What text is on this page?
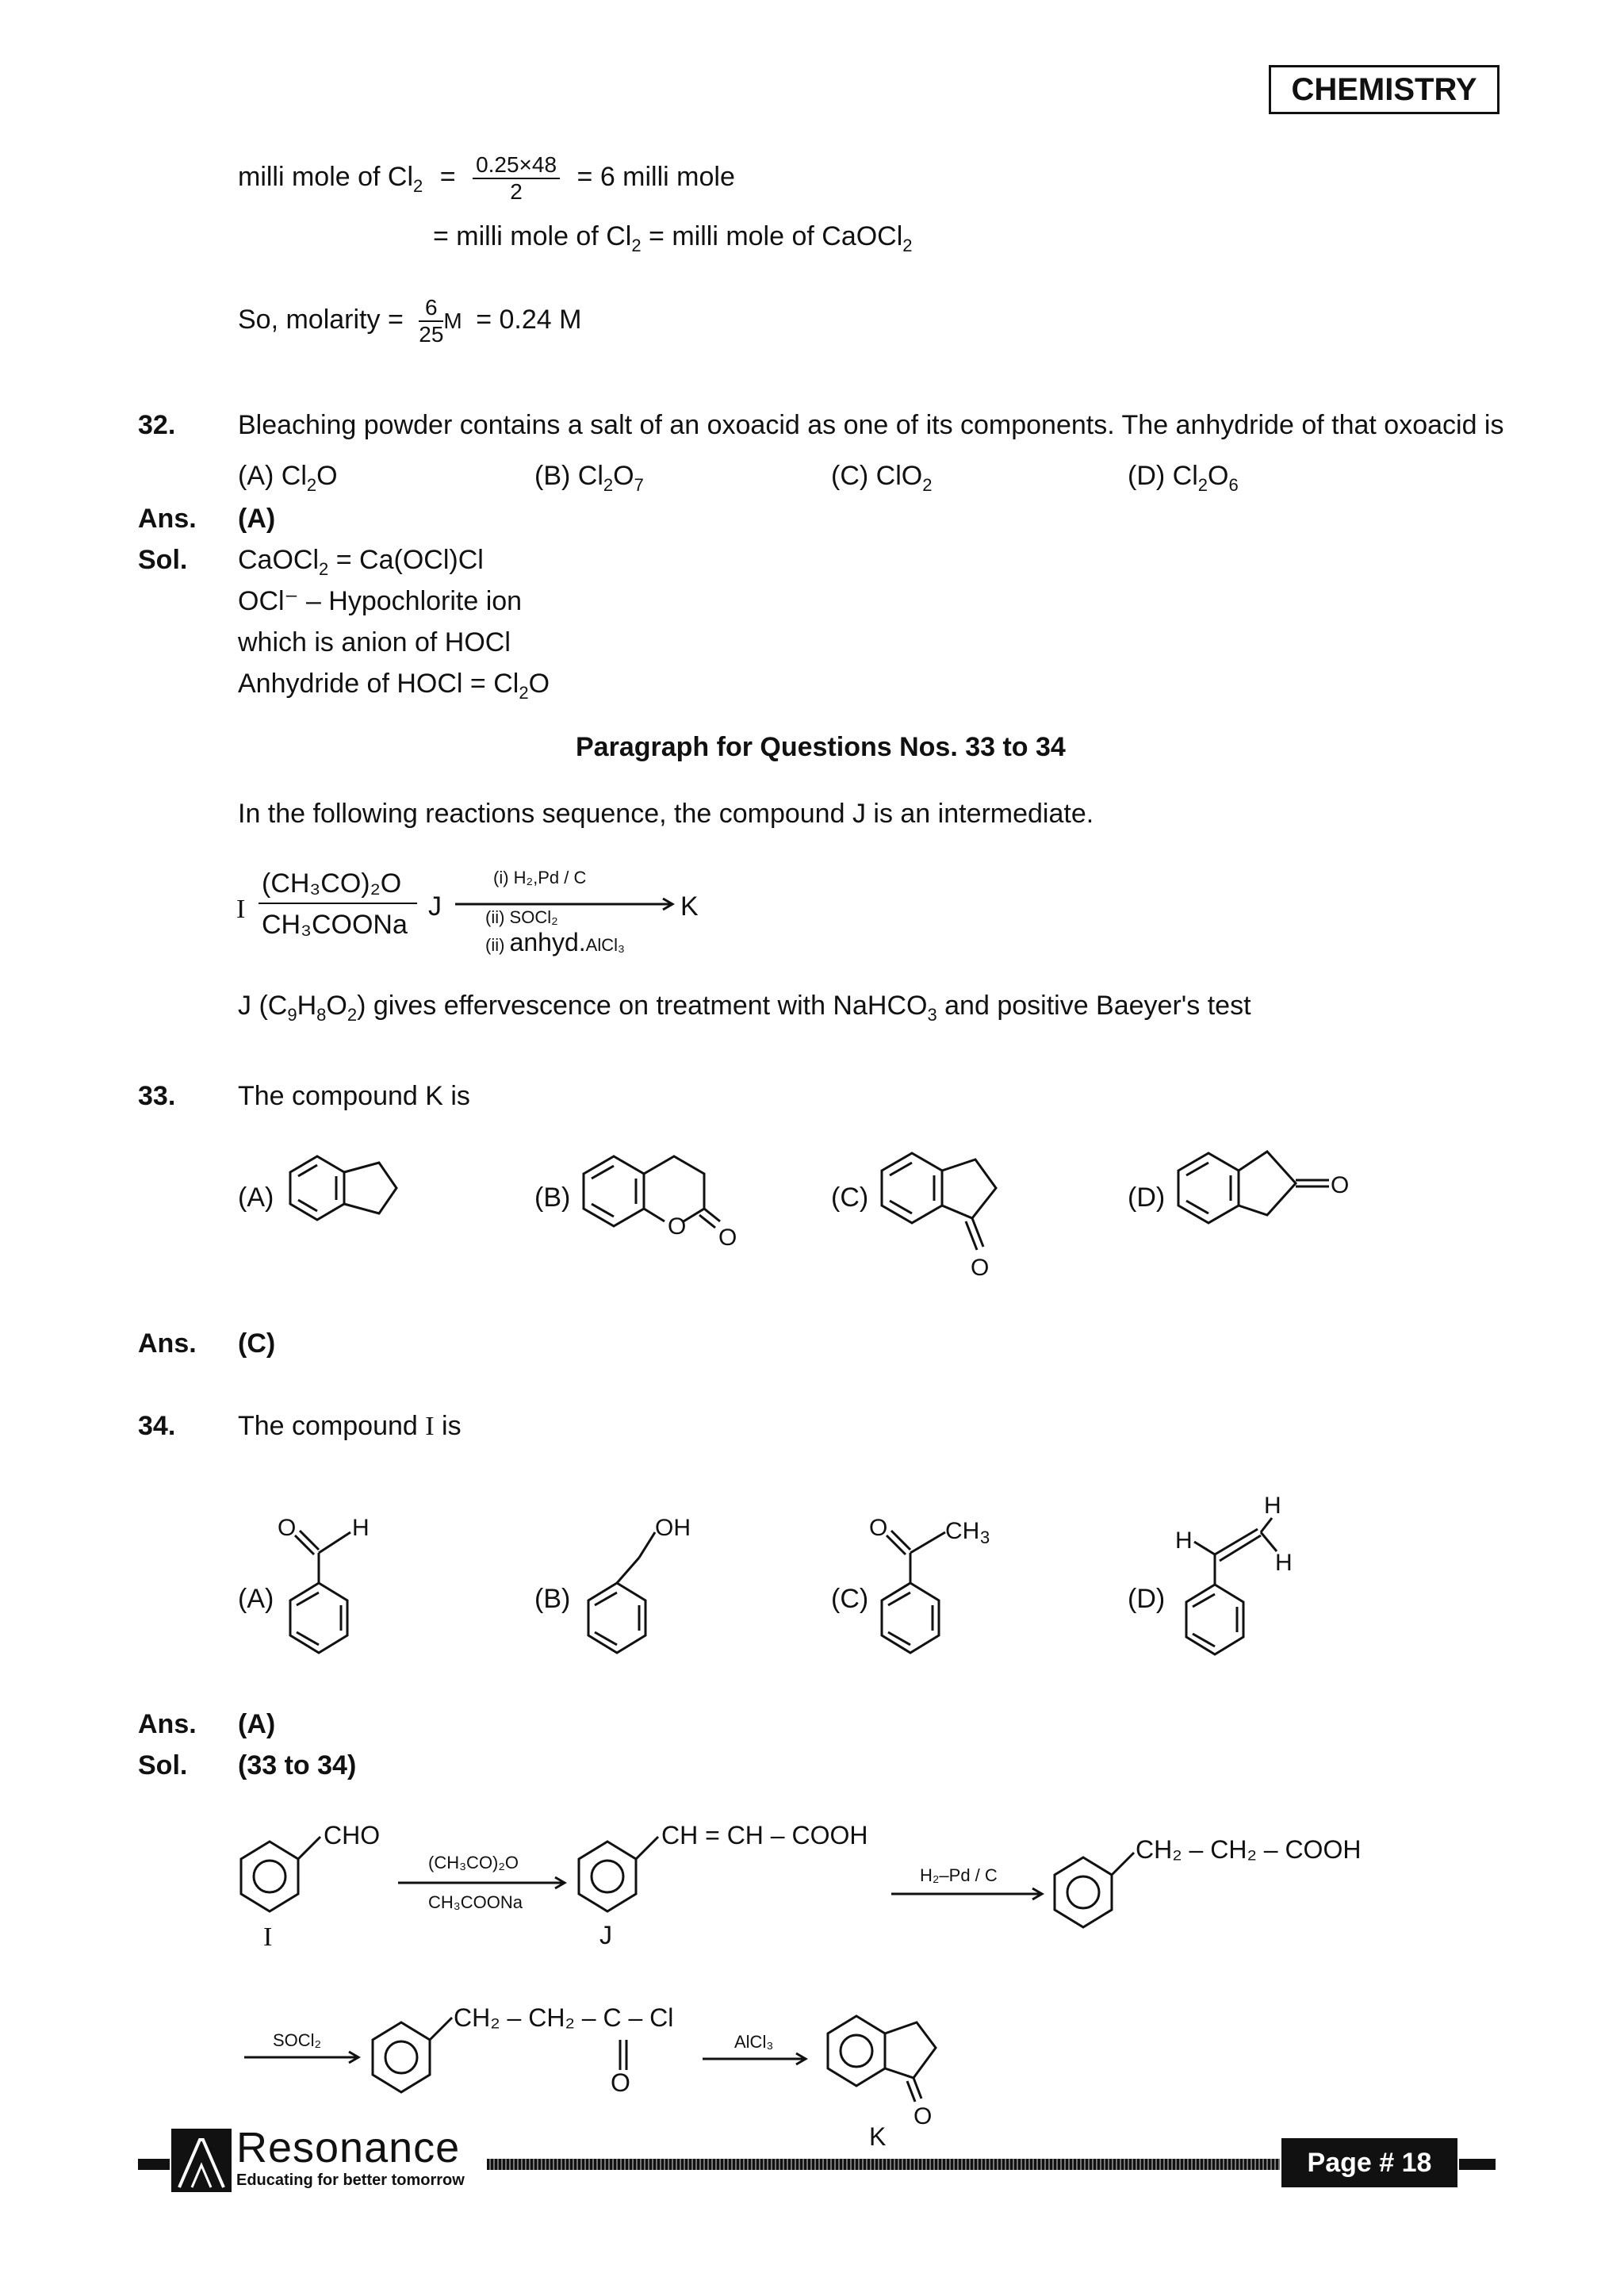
CHEMISTRY
milli mole of $Cl_2 = \frac{0.25\times 48}{2} = 6$ milli mole
= milli mole of $Cl_2$ = milli mole of CaOCl$_2$
So, molarity = $\frac{6}{25}$ M = 0.24 M
32. Bleaching powder contains a salt of an oxoacid as one of its components. The anhydride of that oxoacid is
(A) $Cl_2O$	(B) $Cl_2O_7$	(C) ClO$_2$	(D) $Cl_2O_6$
Ans. (A)
Sol. CaOCl$_2$ = Ca(OCl)Cl
OCl⁻ – Hypochlorite ion
which is anion of HOCl
Anhydride of HOCl = $Cl_2O$
Paragraph for Questions Nos. 33 to 34
In the following reactions sequence, the compound J is an intermediate.
I
(CH₃CO)₂O
CH₃COONa
J
(i) H₂,Pd / C
(ii) SOCl₂
(ii) anhyd.AlCl₃
K
J $(C_9H_8O_2)$ gives effervescence on treatment with NaHCO$_3$ and positive Baeyer's test
33. The compound K is
(A)	(B)	(C)	(D)
O O
O
O
Ans. (C)
34. The compound I is
(A)	(B)	(C)	(D)
O H	OH	O CH 3
H
H
H
Ans. (A)
Sol. (33 to 34)
CHO
I
(CH₃CO)₂O
CH₃COONa
CH = CH – COOH
J
H₂–Pd / C
CH₂ – CH₂ – COOH
SOCl₂
CH₂ – CH₂ – C – Cl
O
AlCl₃
O
K
Resonance
Educating for better tomorrow
Page # 18
